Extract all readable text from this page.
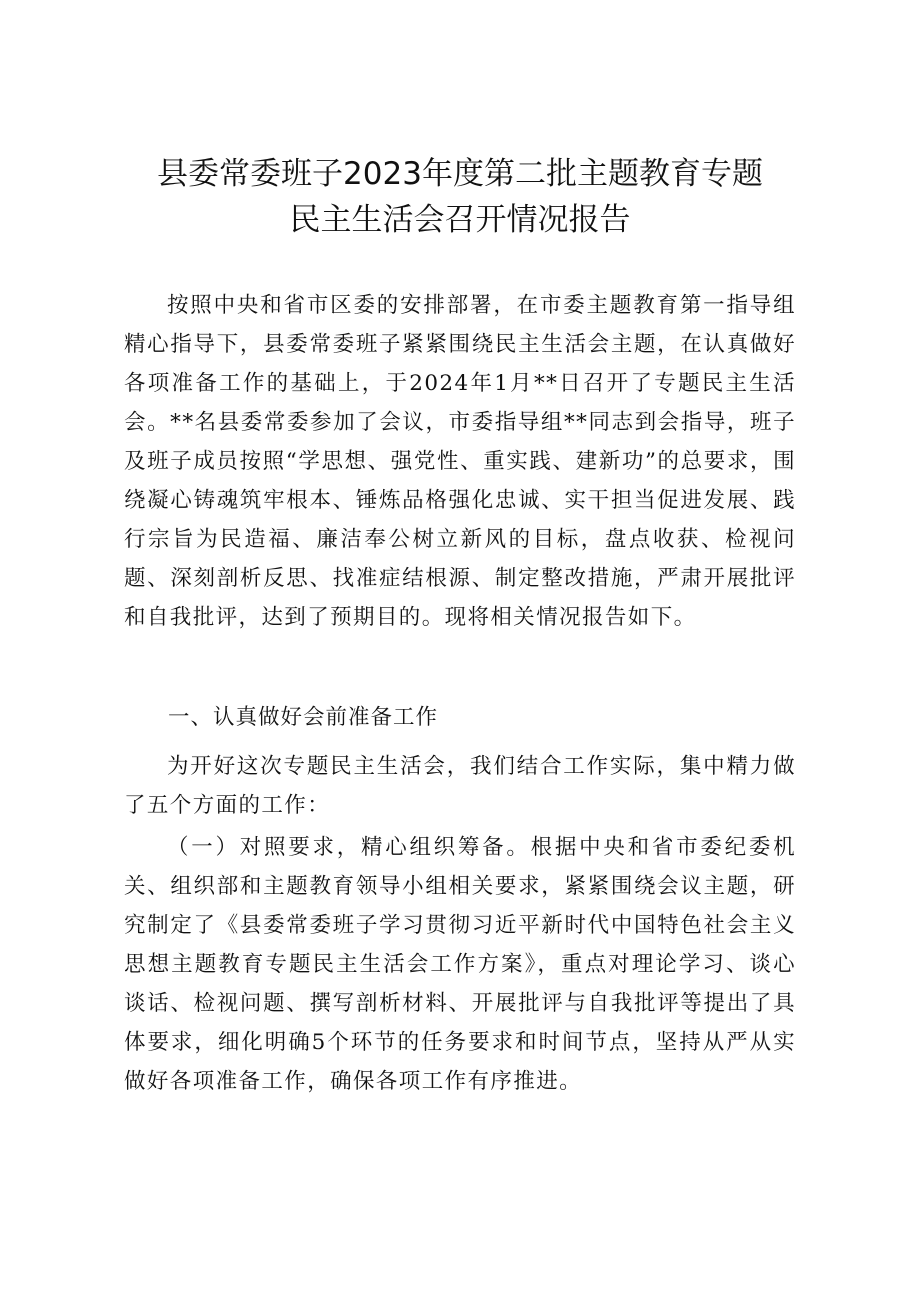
县委常委班子2023年度第二批主题教育专题
民主生活会召开情况报告

按照中央和省市区委的安排部署，在市委主题教育第一指导组精心指导下，县委常委班子紧紧围绕民主生活会主题，在认真做好各项准备工作的基础上，于2024年1月**日召开了专题民主生活会。**名县委常委参加了会议，市委指导组**同志到会指导，班子及班子成员按照“学思想、强党性、重实践、建新功”的总要求，围绕凝心铸魂筑牢根本、锤炼品格强化忠诚、实干担当促进发展、践行宗旨为民造福、廉洁奉公树立新风的目标，盘点收获、检视问题、深刻剖析反思、找准症结根源、制定整改措施，严肃开展批评和自我批评，达到了预期目的。现将相关情况报告如下。

一、认真做好会前准备工作

为开好这次专题民主生活会，我们结合工作实际，集中精力做了五个方面的工作：

（一）对照要求，精心组织筹备。根据中央和省市委纪委机关、组织部和主题教育领导小组相关要求，紧紧围绕会议主题，研究制定了《县委常委班子学习贯彻习近平新时代中国特色社会主义思想主题教育专题民主生活会工作方案》，重点对理论学习、谈心谈话、检视问题、撰写剖析材料、开展批评与自我批评等提出了具体要求，细化明确5个环节的任务要求和时间节点，坚持从严从实做好各项准备工作，确保各项工作有序推进。
